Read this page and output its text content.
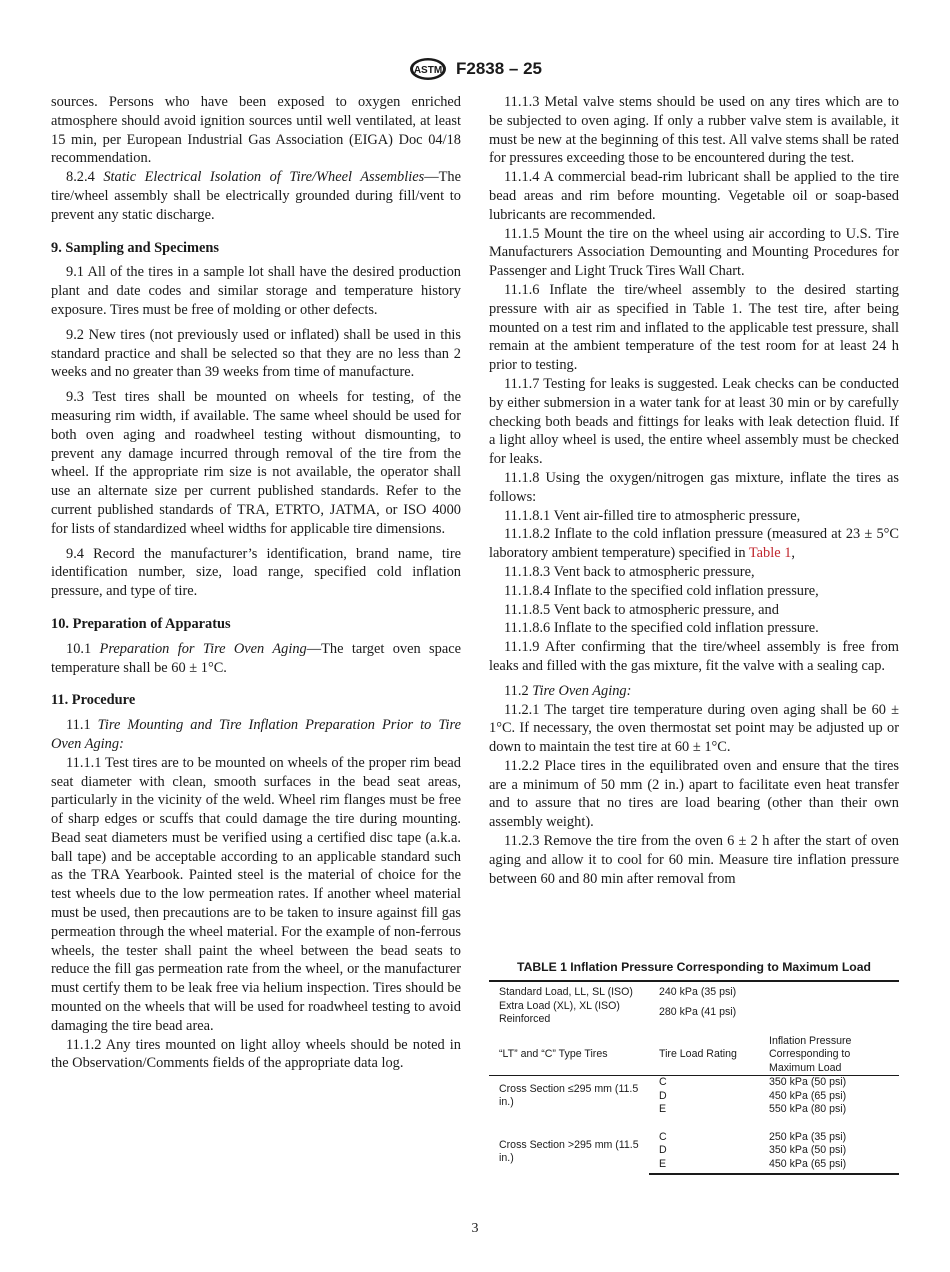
ASTM F2838 – 25

sources. Persons who have been exposed to oxygen enriched atmosphere should avoid ignition sources until well ventilated, at least 15 min, per European Industrial Gas Association (EIGA) Doc 04/18 recommendation.

8.2.4 Static Electrical Isolation of Tire/Wheel Assemblies—The tire/wheel assembly shall be electrically grounded during fill/vent to prevent any static discharge.

9. Sampling and Specimens

9.1 All of the tires in a sample lot shall have the desired production plant and date codes and similar storage and temperature history exposure. Tires must be free of molding or other defects.

9.2 New tires (not previously used or inflated) shall be used in this standard practice and shall be selected so that they are no less than 2 weeks and no greater than 39 weeks from time of manufacture.

9.3 Test tires shall be mounted on wheels for testing, of the measuring rim width, if available. The same wheel should be used for both oven aging and roadwheel testing without dismounting, to prevent any damage incurred through removal of the tire from the wheel. If the appropriate rim size is not available, the operator shall use an alternate size per current published standards. Refer to the current published standards of TRA, ETRTO, JATMA, or ISO 4000 for lists of standardized wheel widths for applicable tire dimensions.

9.4 Record the manufacturer’s identification, brand name, tire identification number, size, load range, specified cold inflation pressure, and type of tire.

10. Preparation of Apparatus

10.1 Preparation for Tire Oven Aging—The target oven space temperature shall be 60 ± 1°C.

11. Procedure

11.1 Tire Mounting and Tire Inflation Preparation Prior to Tire Oven Aging:

11.1.1 Test tires are to be mounted on wheels of the proper rim bead seat diameter with clean, smooth surfaces in the bead seat areas, particularly in the vicinity of the weld. Wheel rim flanges must be free of sharp edges or scuffs that could damage the tire during mounting. Bead seat diameters must be verified using a certified disc tape (a.k.a. ball tape) and be acceptable according to an applicable standard such as the TRA Yearbook. Painted steel is the material of choice for the test wheels due to the low permeation rates. If another wheel material must be used, then precautions are to be taken to insure against fill gas permeation through the wheel material. For the example of non-ferrous wheels, the tester shall paint the wheel between the bead seats to reduce the fill gas permeation rate from the wheel, or the manufacturer must certify them to be leak free via helium inspection. Tires should be mounted on the wheels that will be used for roadwheel testing to avoid damaging the tire bead area.

11.1.2 Any tires mounted on light alloy wheels should be noted in the Observation/Comments fields of the appropriate data log.

11.1.3 Metal valve stems should be used on any tires which are to be subjected to oven aging. If only a rubber valve stem is available, it must be new at the beginning of this test. All valve stems shall be rated for pressures exceeding those to be encountered during the test.

11.1.4 A commercial bead-rim lubricant shall be applied to the tire bead areas and rim before mounting. Vegetable oil or soap-based lubricants are recommended.

11.1.5 Mount the tire on the wheel using air according to U.S. Tire Manufacturers Association Demounting and Mounting Procedures for Passenger and Light Truck Tires Wall Chart.

11.1.6 Inflate the tire/wheel assembly to the desired starting pressure with air as specified in Table 1. The test tire, after being mounted on a test rim and inflated to the applicable test pressure, shall remain at the ambient temperature of the test room for at least 24 h prior to testing.

11.1.7 Testing for leaks is suggested. Leak checks can be conducted by either submersion in a water tank for at least 30 min or by carefully checking both beads and fittings for leaks with leak detection fluid. If a light alloy wheel is used, the entire wheel assembly must be checked for leaks.

11.1.8 Using the oxygen/nitrogen gas mixture, inflate the tires as follows:

11.1.8.1 Vent air-filled tire to atmospheric pressure,

11.1.8.2 Inflate to the cold inflation pressure (measured at 23 ± 5°C laboratory ambient temperature) specified in Table 1,

11.1.8.3 Vent back to atmospheric pressure,

11.1.8.4 Inflate to the specified cold inflation pressure,

11.1.8.5 Vent back to atmospheric pressure, and

11.1.8.6 Inflate to the specified cold inflation pressure.

11.1.9 After confirming that the tire/wheel assembly is free from leaks and filled with the gas mixture, fit the valve with a sealing cap.

11.2 Tire Oven Aging:

11.2.1 The target tire temperature during oven aging shall be 60 ± 1°C. If necessary, the oven thermostat set point may be adjusted up or down to maintain the test tire at 60 ± 1°C.

11.2.2 Place tires in the equilibrated oven and ensure that the tires are a minimum of 50 mm (2 in.) apart to facilitate even heat transfer and to assure that no tires are load bearing (other than their own assembly weight).

11.2.3 Remove the tire from the oven 6 ± 2 h after the start of oven aging and allow it to cool for 60 min. Measure tire inflation pressure between 60 and 80 min after removal from

TABLE 1 Inflation Pressure Corresponding to Maximum Load
Standard Load, LL, SL (ISO)	240 kPa (35 psi)	
Extra Load (XL), XL (ISO) Reinforced	280 kPa (41 psi)	
“LT” and “C” Type Tires	Tire Load Rating	Inflation Pressure Corresponding to Maximum Load
Cross Section ≤295 mm (11.5 in.)	C	350 kPa (50 psi)
	D	450 kPa (65 psi)
	E	550 kPa (80 psi)
Cross Section >295 mm (11.5 in.)	C	250 kPa (35 psi)
	D	350 kPa (50 psi)
	E	450 kPa (65 psi)
3
